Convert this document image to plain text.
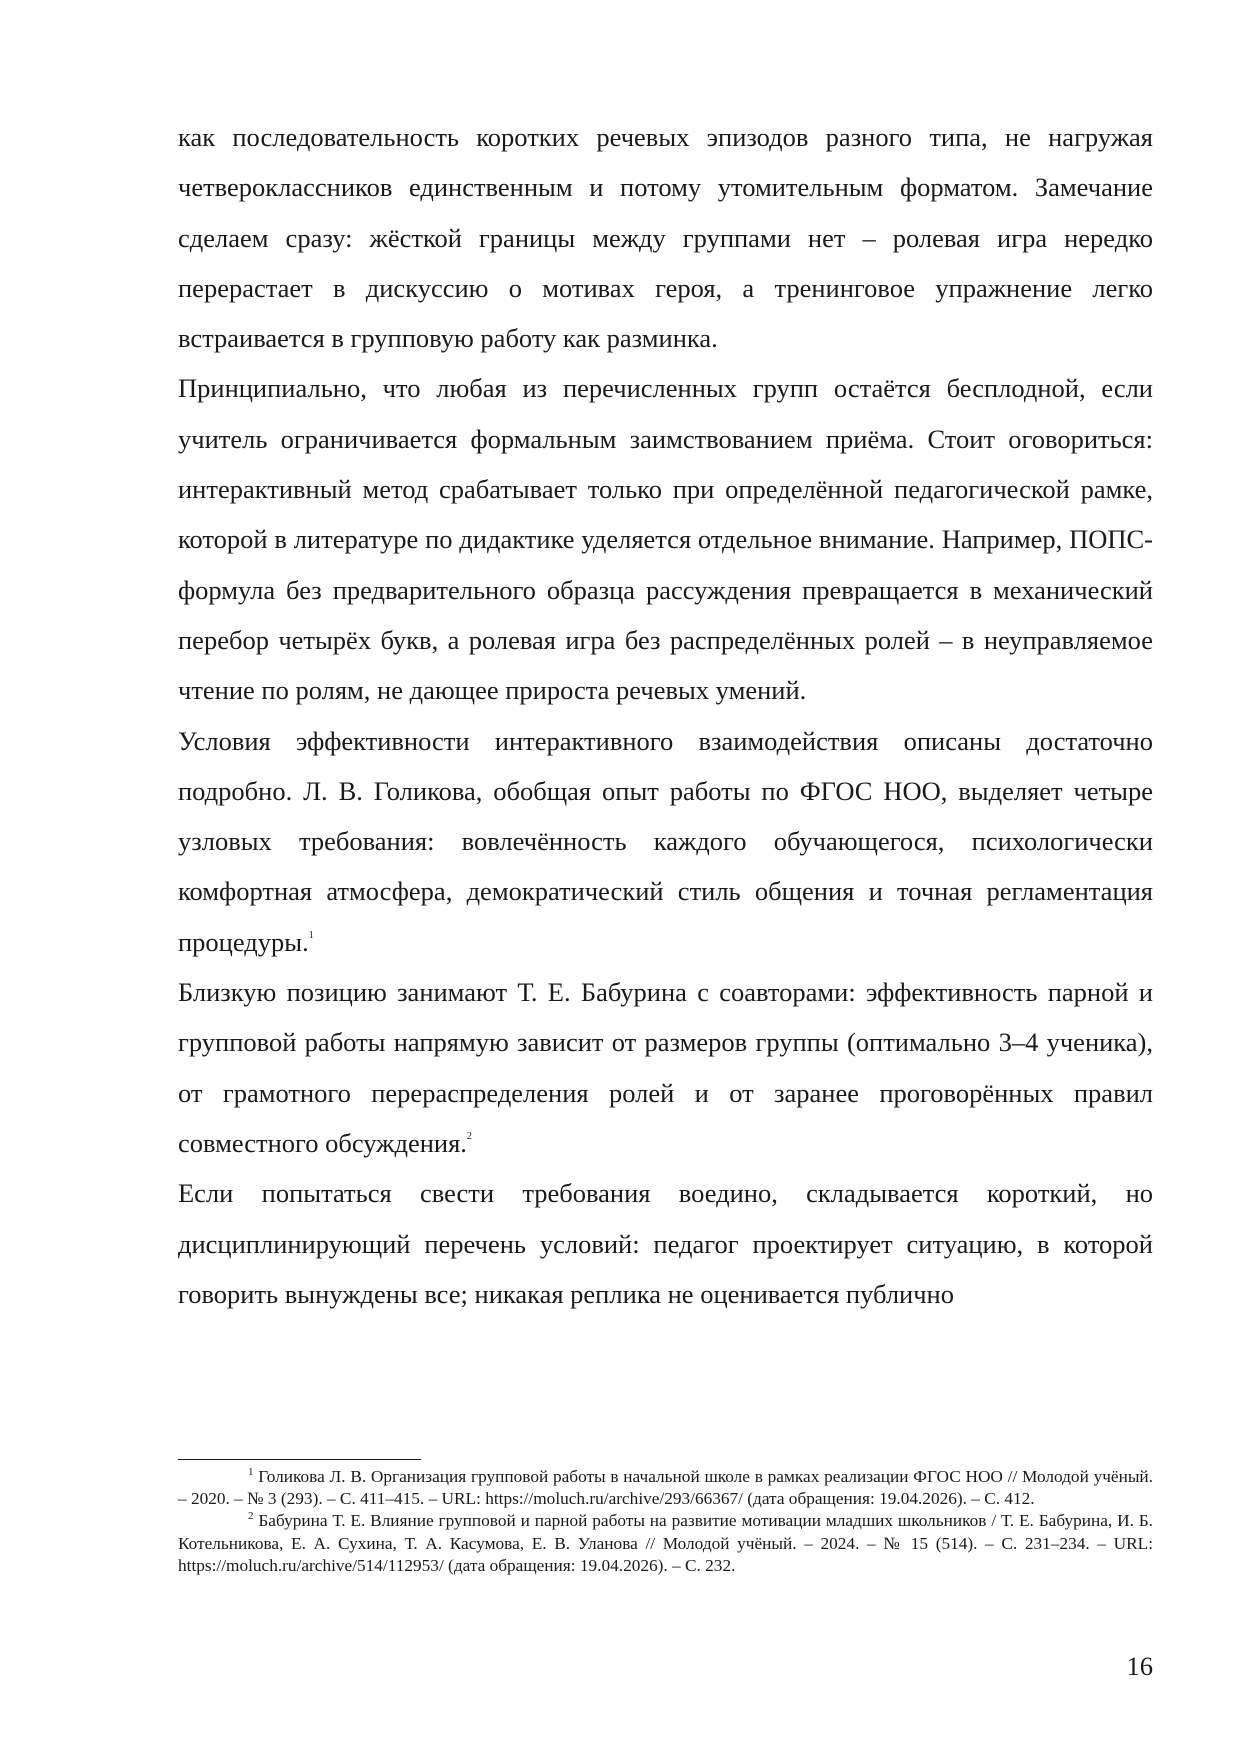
как последовательность коротких речевых эпизодов разного типа, не нагружая четвероклассников единственным и потому утомительным форматом. Замечание сделаем сразу: жёсткой границы между группами нет – ролевая игра нередко перерастает в дискуссию о мотивах героя, а тренинговое упражнение легко встраивается в групповую работу как разминка.

Принципиально, что любая из перечисленных групп остаётся бесплодной, если учитель ограничивается формальным заимствованием приёма. Стоит оговориться: интерактивный метод срабатывает только при определённой педагогической рамке, которой в литературе по дидактике уделяется отдельное внимание. Например, ПОПС-формула без предварительного образца рассуждения превращается в механический перебор четырёх букв, а ролевая игра без распределённых ролей – в неуправляемое чтение по ролям, не дающее прироста речевых умений.

Условия эффективности интерактивного взаимодействия описаны достаточно подробно. Л. В. Голикова, обобщая опыт работы по ФГОС НОО, выделяет четыре узловых требования: вовлечённость каждого обучающегося, психологически комфортная атмосфера, демократический стиль общения и точная регламентация процедуры.$^1$

Близкую позицию занимают Т. Е. Бабурина с соавторами: эффективность парной и групповой работы напрямую зависит от размеров группы (оптимально 3–4 ученика), от грамотного перераспределения ролей и от заранее проговорённых правил совместного обсуждения.$^2$

Если попытаться свести требования воедино, складывается короткий, но дисциплинирующий перечень условий: педагог проектирует ситуацию, в которой говорить вынуждены все; никакая реплика не оценивается публично

$^1$ Голикова Л. В. Организация групповой работы в начальной школе в рамках реализации ФГОС НОО // Молодой учёный. – 2020. – № 3 (293). – С. 411–415. – URL: https://moluch.ru/archive/293/66367/ (дата обращения: 19.04.2026). – С. 412.

$^2$ Бабурина Т. Е. Влияние групповой и парной работы на развитие мотивации младших школьников / Т. Е. Бабурина, И. Б. Котельникова, Е. А. Сухина, Т. А. Касумова, Е. В. Уланова // Молодой учёный. – 2024. – № 15 (514). – С. 231–234. – URL: https://moluch.ru/archive/514/112953/ (дата обращения: 19.04.2026). – С. 232.

16
